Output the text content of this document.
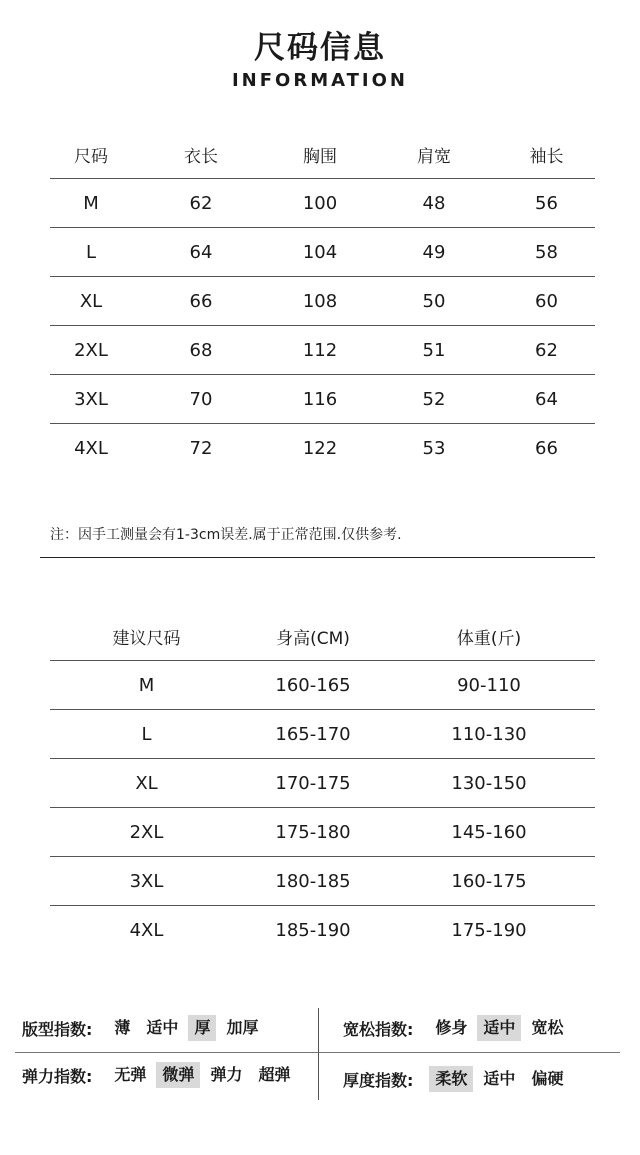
尺码信息
INFORMATION
尺码	衣长	胸围	肩宽	袖长
M	62	100	48	56
L	64	104	49	58
XL	66	108	50	60
2XL	68	112	51	62
3XL	70	116	52	64
4XL	72	122	53	66
注：因手工测量会有1-3cm误差.属于正常范围.仅供参考.
建议尺码	身高(CM)	体重(斤)
M	160-165	90-110
L	165-170	110-130
XL	170-175	130-150
2XL	175-180	145-160
3XL	180-185	160-175
4XL	185-190	175-190
版型指数:	薄	适中	厚	加厚	宽松指数:	修身	适中	宽松
弹力指数:	无弹	微弹	弹力	超弹	厚度指数:	柔软	适中	偏硬
